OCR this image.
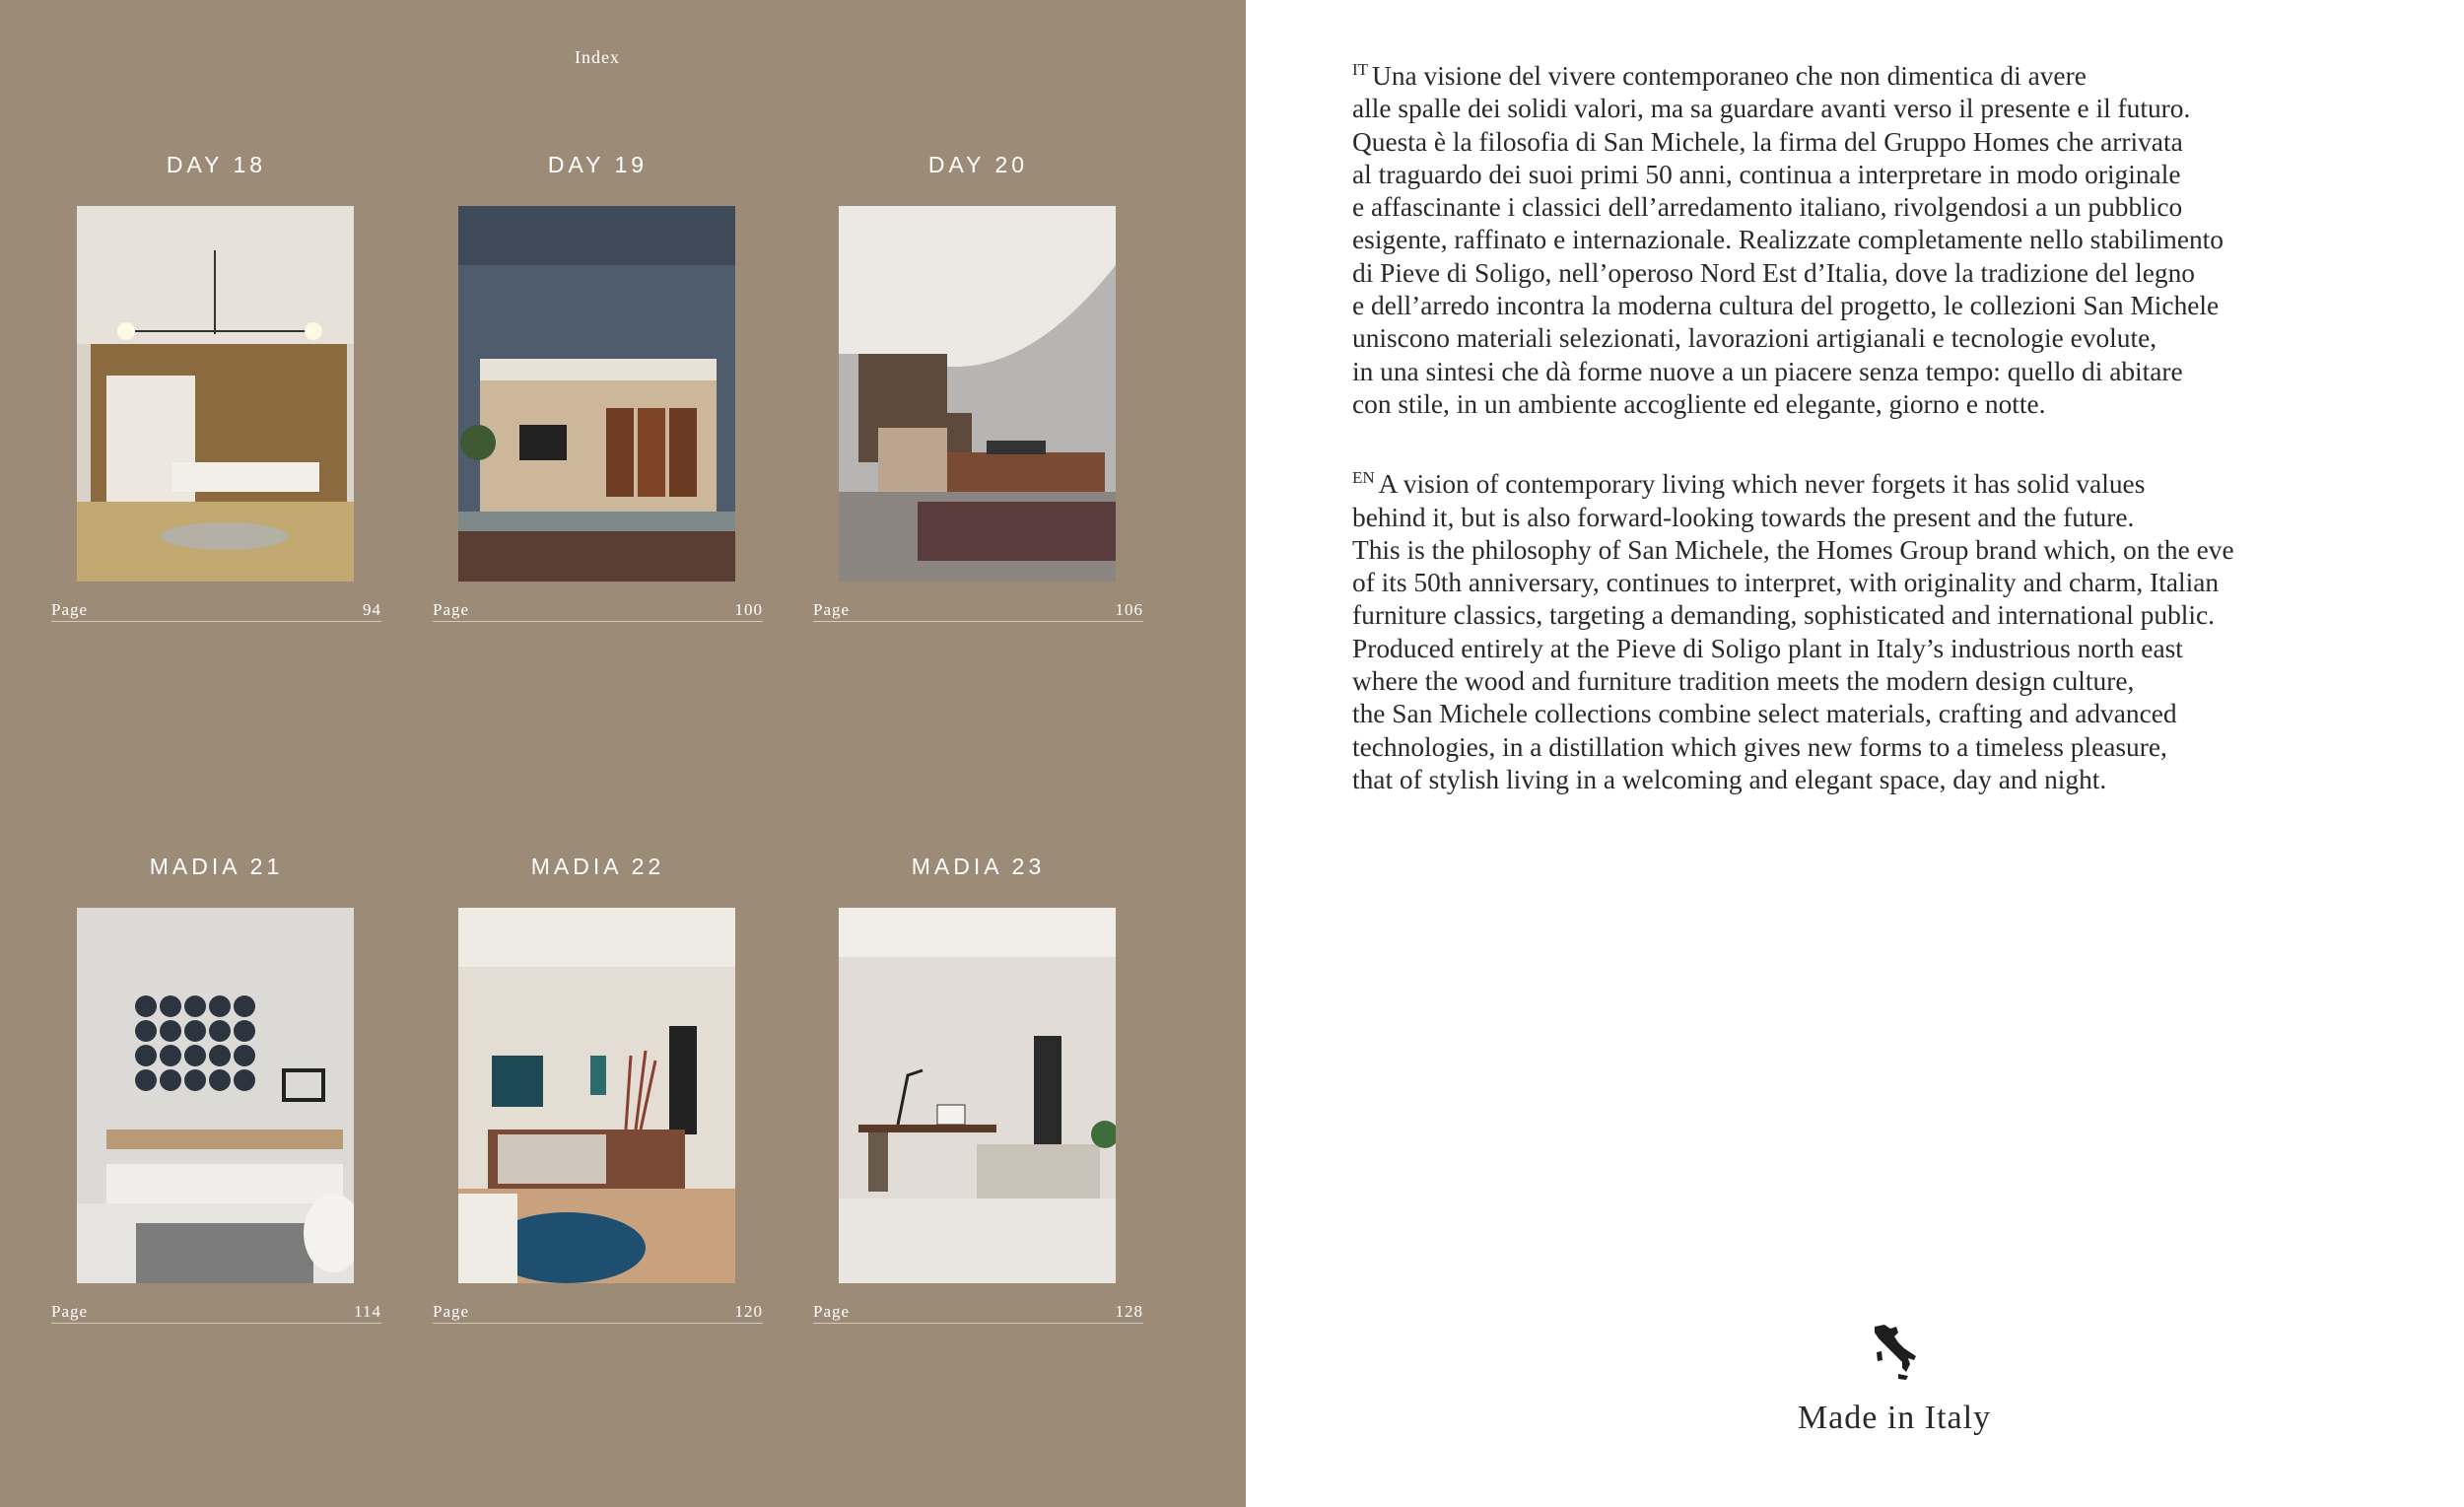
Index
DAY 18
Page	94
DAY 19
Page	100
DAY 20
Page	106
MADIA 21
Page	114
MADIA 22
Page	120
MADIA 23
Page	128

$^{IT}$ Una visione del vivere contemporaneo che non dimentica di avere
alle spalle dei solidi valori, ma sa guardare avanti verso il presente e il futuro.
Questa è la filosofia di San Michele, la firma del Gruppo Homes che arrivata
al traguardo dei suoi primi 50 anni, continua a interpretare in modo originale
e affascinante i classici dell’arredamento italiano, rivolgendosi a un pubblico
esigente, raffinato e internazionale. Realizzate completamente nello stabilimento
di Pieve di Soligo, nell’operoso Nord Est d’Italia, dove la tradizione del legno
e dell’arredo incontra la moderna cultura del progetto, le collezioni San Michele
uniscono materiali selezionati, lavorazioni artigianali e tecnologie evolute,
in una sintesi che dà forme nuove a un piacere senza tempo: quello di abitare
con stile, in un ambiente accogliente ed elegante, giorno e notte.

$^{EN}$ A vision of contemporary living which never forgets it has solid values
behind it, but is also forward-looking towards the present and the future.
This is the philosophy of San Michele, the Homes Group brand which, on the eve
of its 50th anniversary, continues to interpret, with originality and charm, Italian
furniture classics, targeting a demanding, sophisticated and international public.
Produced entirely at the Pieve di Soligo plant in Italy’s industrious north east
where the wood and furniture tradition meets the modern design culture,
the San Michele collections combine select materials, crafting and advanced
technologies, in a distillation which gives new forms to a timeless pleasure,
that of stylish living in a welcoming and elegant space, day and night.

Made in Italy
